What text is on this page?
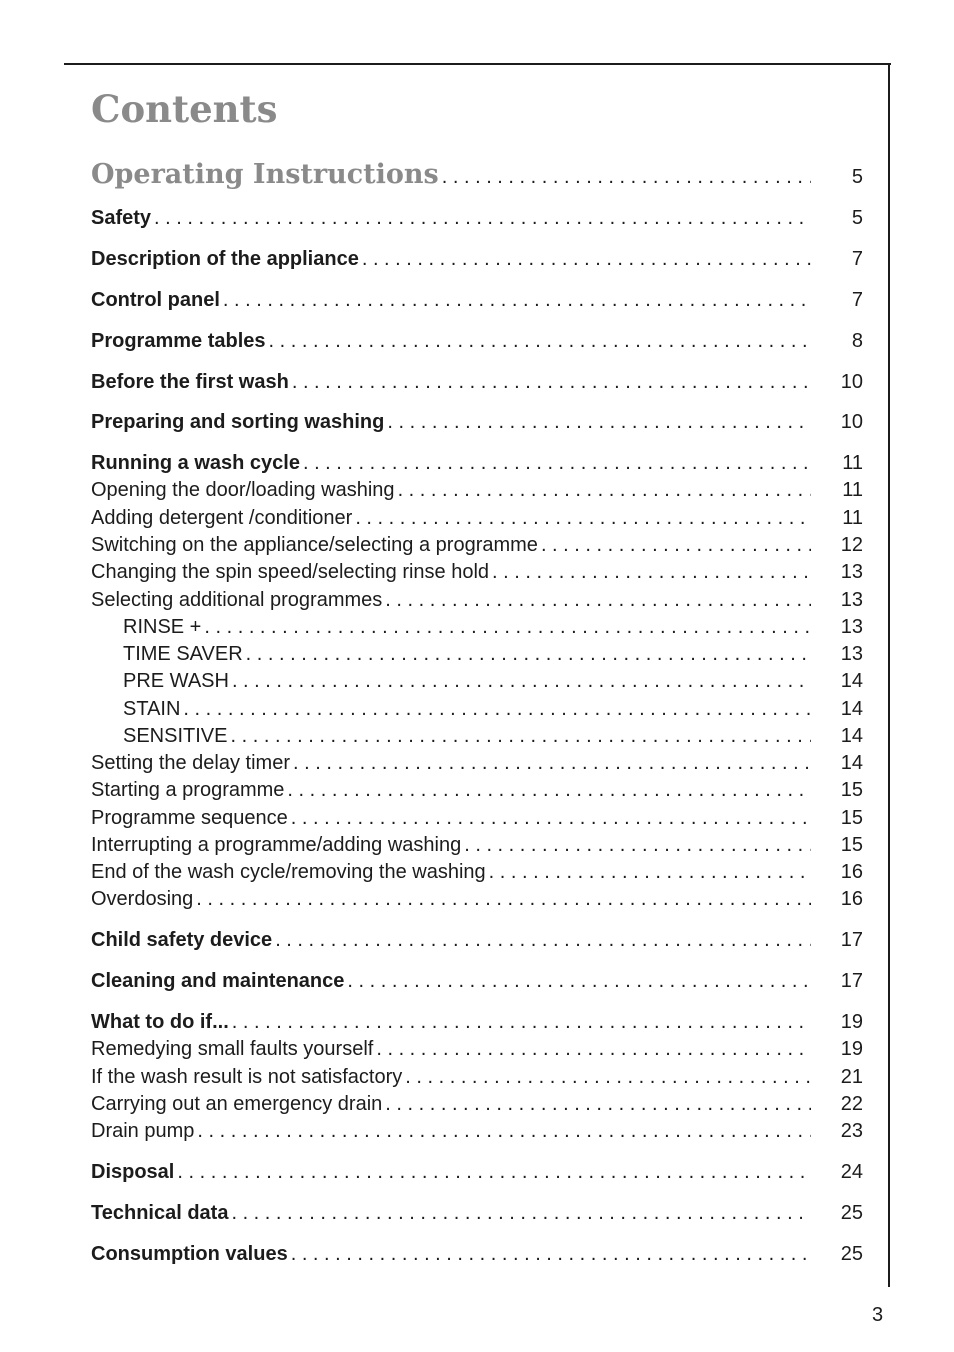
Contents
Operating Instructions . . .	5
Safety . . .	5
Description of the appliance . . .	7
Control panel . . .	7
Programme tables . . .	8
Before the first wash . . .	10
Preparing and sorting washing . . .	10
Running a wash cycle . . .	11
Opening the door/loading washing . . .	11
Adding detergent /conditioner . . .	11
Switching on the appliance/selecting a programme . . .	12
Changing the spin speed/selecting rinse hold . . .	13
Selecting additional programmes . . .	13
RINSE + . . .	13
TIME SAVER . . .	13
PRE WASH . . .	14
STAIN . . .	14
SENSITIVE . . .	14
Setting the delay timer . . .	14
Starting a programme . . .	15
Programme sequence . . .	15
Interrupting a programme/adding washing . . .	15
End of the wash cycle/removing the washing . . .	16
Overdosing . . .	16
Child safety device . . .	17
Cleaning and maintenance . . .	17
What to do if... . . .	19
Remedying small faults yourself . . .	19
If the wash result is not satisfactory . . .	21
Carrying out an emergency drain . . .	22
Drain pump . . .	23
Disposal . . .	24
Technical data . . .	25
Consumption values . . .	25
3
